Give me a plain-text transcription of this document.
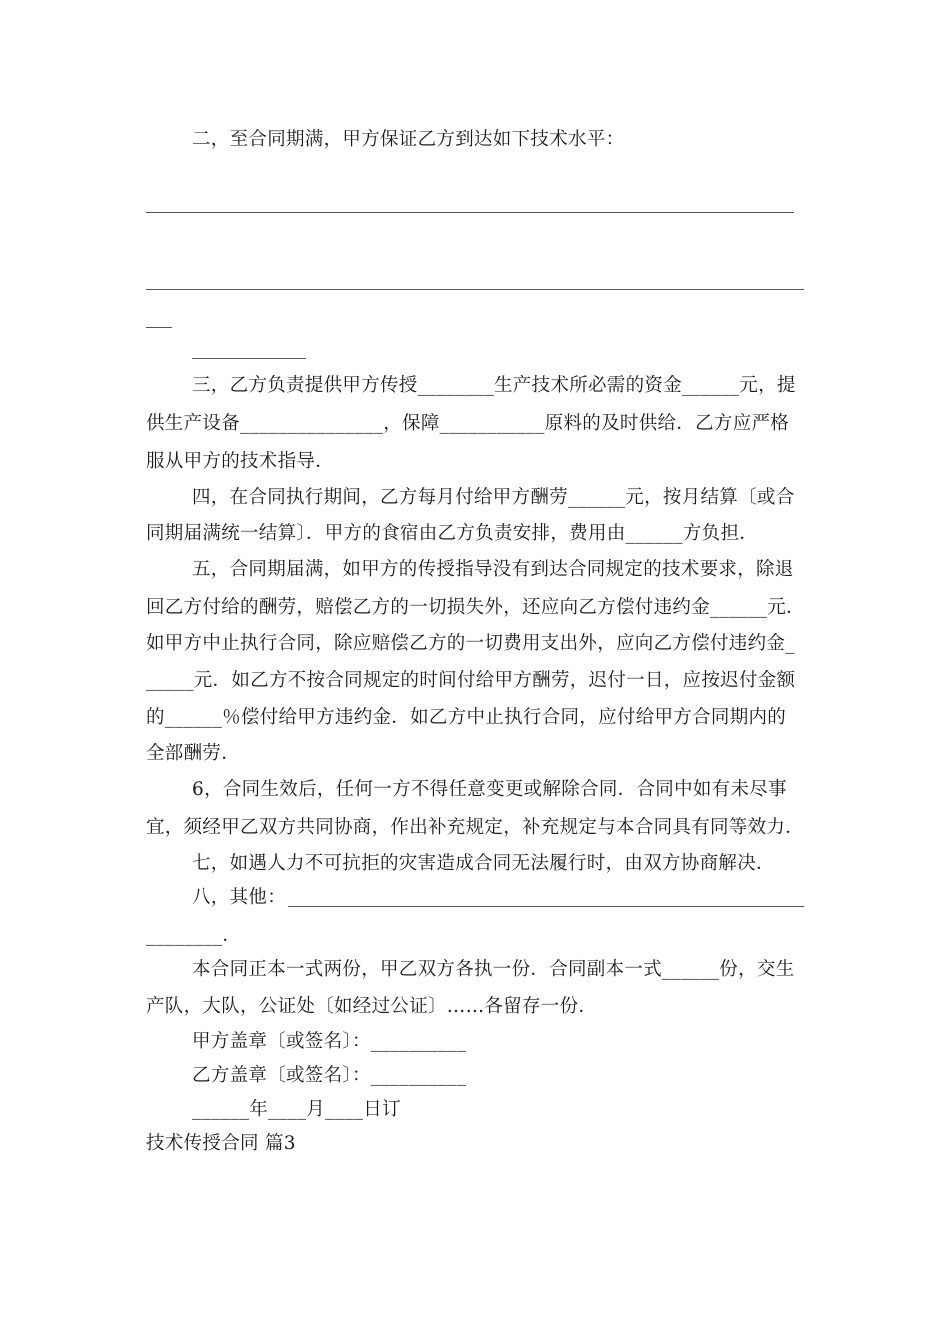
二，至合同期满，甲方保证乙方到达如下技术水平：
三，乙方负责提供甲方传授________生产技术所必需的资金______元，提
供生产设备_______________，保障___________原料的及时供给．乙方应严格
服从甲方的技术指导．
四，在合同执行期间，乙方每月付给甲方酬劳______元，按月结算〔或合
同期届满统一结算〕．甲方的食宿由乙方负责安排，费用由______方负担．
五，合同期届满，如甲方的传授指导没有到达合同规定的技术要求，除退
回乙方付给的酬劳，赔偿乙方的一切损失外，还应向乙方偿付违约金______元．
如甲方中止执行合同，除应赔偿乙方的一切费用支出外，应向乙方偿付违约金_
_____元．如乙方不按合同规定的时间付给甲方酬劳，迟付一日，应按迟付金额
的______％偿付给甲方违约金．如乙方中止执行合同，应付给甲方合同期内的
全部酬劳．
6，合同生效后，任何一方不得任意变更或解除合同．合同中如有未尽事
宜，须经甲乙双方共同协商，作出补充规定，补充规定与本合同具有同等效力．
七，如遇人力不可抗拒的灾害造成合同无法履行时，由双方协商解决．
八，其他：
________．
本合同正本一式两份，甲乙双方各执一份．合同副本一式______份，交生
产队，大队，公证处〔如经过公证〕……各留存一份．
甲方盖章〔或签名〕：__________
乙方盖章〔或签名〕：__________
______年____月____日订
技术传授合同 篇3
